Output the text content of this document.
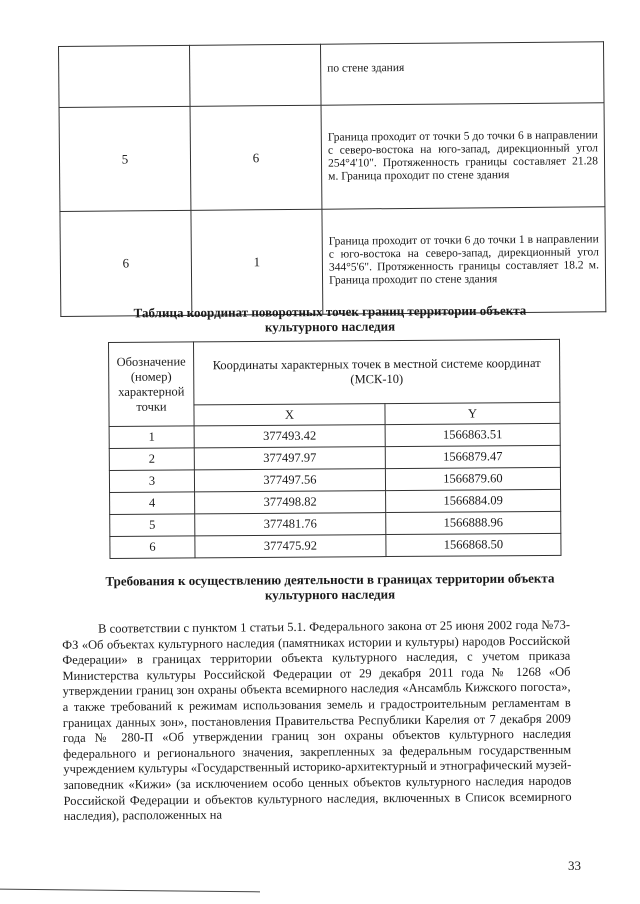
		по стене здания
5	6	Граница проходит от точки 5 до точки 6 в направлении с северо-востока на юго-запад, дирекционный угол 254°4'10". Протяженность границы составляет 21.28 м. Граница проходит по стене здания
6	1	Граница проходит от точки 6 до точки 1 в направлении с юго-востока на северо-запад, дирекционный угол 344°5'6". Протяженность границы составляет 18.2 м. Граница проходит по стене здания
Таблица координат поворотных точек границ территории объекта культурного наследия
Обозначение (номер) характерной точки	Координаты характерных точек в местной системе координат (МСК-10)	
	X	Y
1	377493.42	1566863.51
2	377497.97	1566879.47
3	377497.56	1566879.60
4	377498.82	1566884.09
5	377481.76	1566888.96
6	377475.92	1566868.50
Требования к осуществлению деятельности в границах территории объекта культурного наследия
В соответствии с пунктом 1 статьи 5.1. Федерального закона от 25 июня 2002 года №73-ФЗ «Об объектах культурного наследия (памятниках истории и культуры) народов Российской Федерации» в границах территории объекта культурного наследия, с учетом приказа Министерства культуры Российской Федерации от 29 декабря 2011 года № 1268 «Об утверждении границ зон охраны объекта всемирного наследия «Ансамбль Кижского погоста», а также требований к режимам использования земель и градостроительным регламентам в границах данных зон», постановления Правительства Республики Карелия от 7 декабря 2009 года № 280-П «Об утверждении границ зон охраны объектов культурного наследия федерального и регионального значения, закрепленных за федеральным государственным учреждением культуры «Государственный историко-архитектурный и этнографический музей-заповедник «Кижи» (за исключением особо ценных объектов культурного наследия народов Российской Федерации и объектов культурного наследия, включенных в Список всемирного наследия), расположенных на
33
